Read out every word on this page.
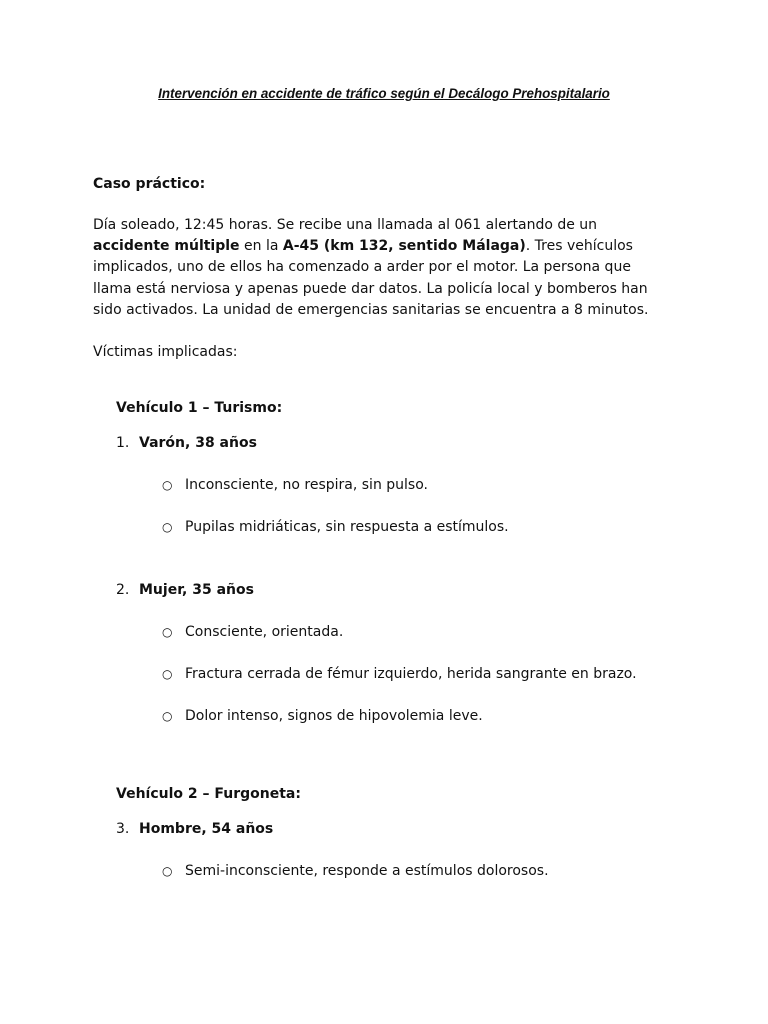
Intervención en accidente de tráfico según el Decálogo Prehospitalario
Caso práctico:
Día soleado, 12:45 horas. Se recibe una llamada al 061 alertando de un accidente múltiple en la A-45 (km 132, sentido Málaga). Tres vehículos implicados, uno de ellos ha comenzado a arder por el motor. La persona que llama está nerviosa y apenas puede dar datos. La policía local y bomberos han sido activados. La unidad de emergencias sanitarias se encuentra a 8 minutos.
Víctimas implicadas:
Vehículo 1 – Turismo:
1. Varón, 38 años
○ Inconsciente, no respira, sin pulso.
○ Pupilas midriáticas, sin respuesta a estímulos.
2. Mujer, 35 años
○ Consciente, orientada.
○ Fractura cerrada de fémur izquierdo, herida sangrante en brazo.
○ Dolor intenso, signos de hipovolemia leve.
Vehículo 2 – Furgoneta:
3. Hombre, 54 años
○ Semi-inconsciente, responde a estímulos dolorosos.
